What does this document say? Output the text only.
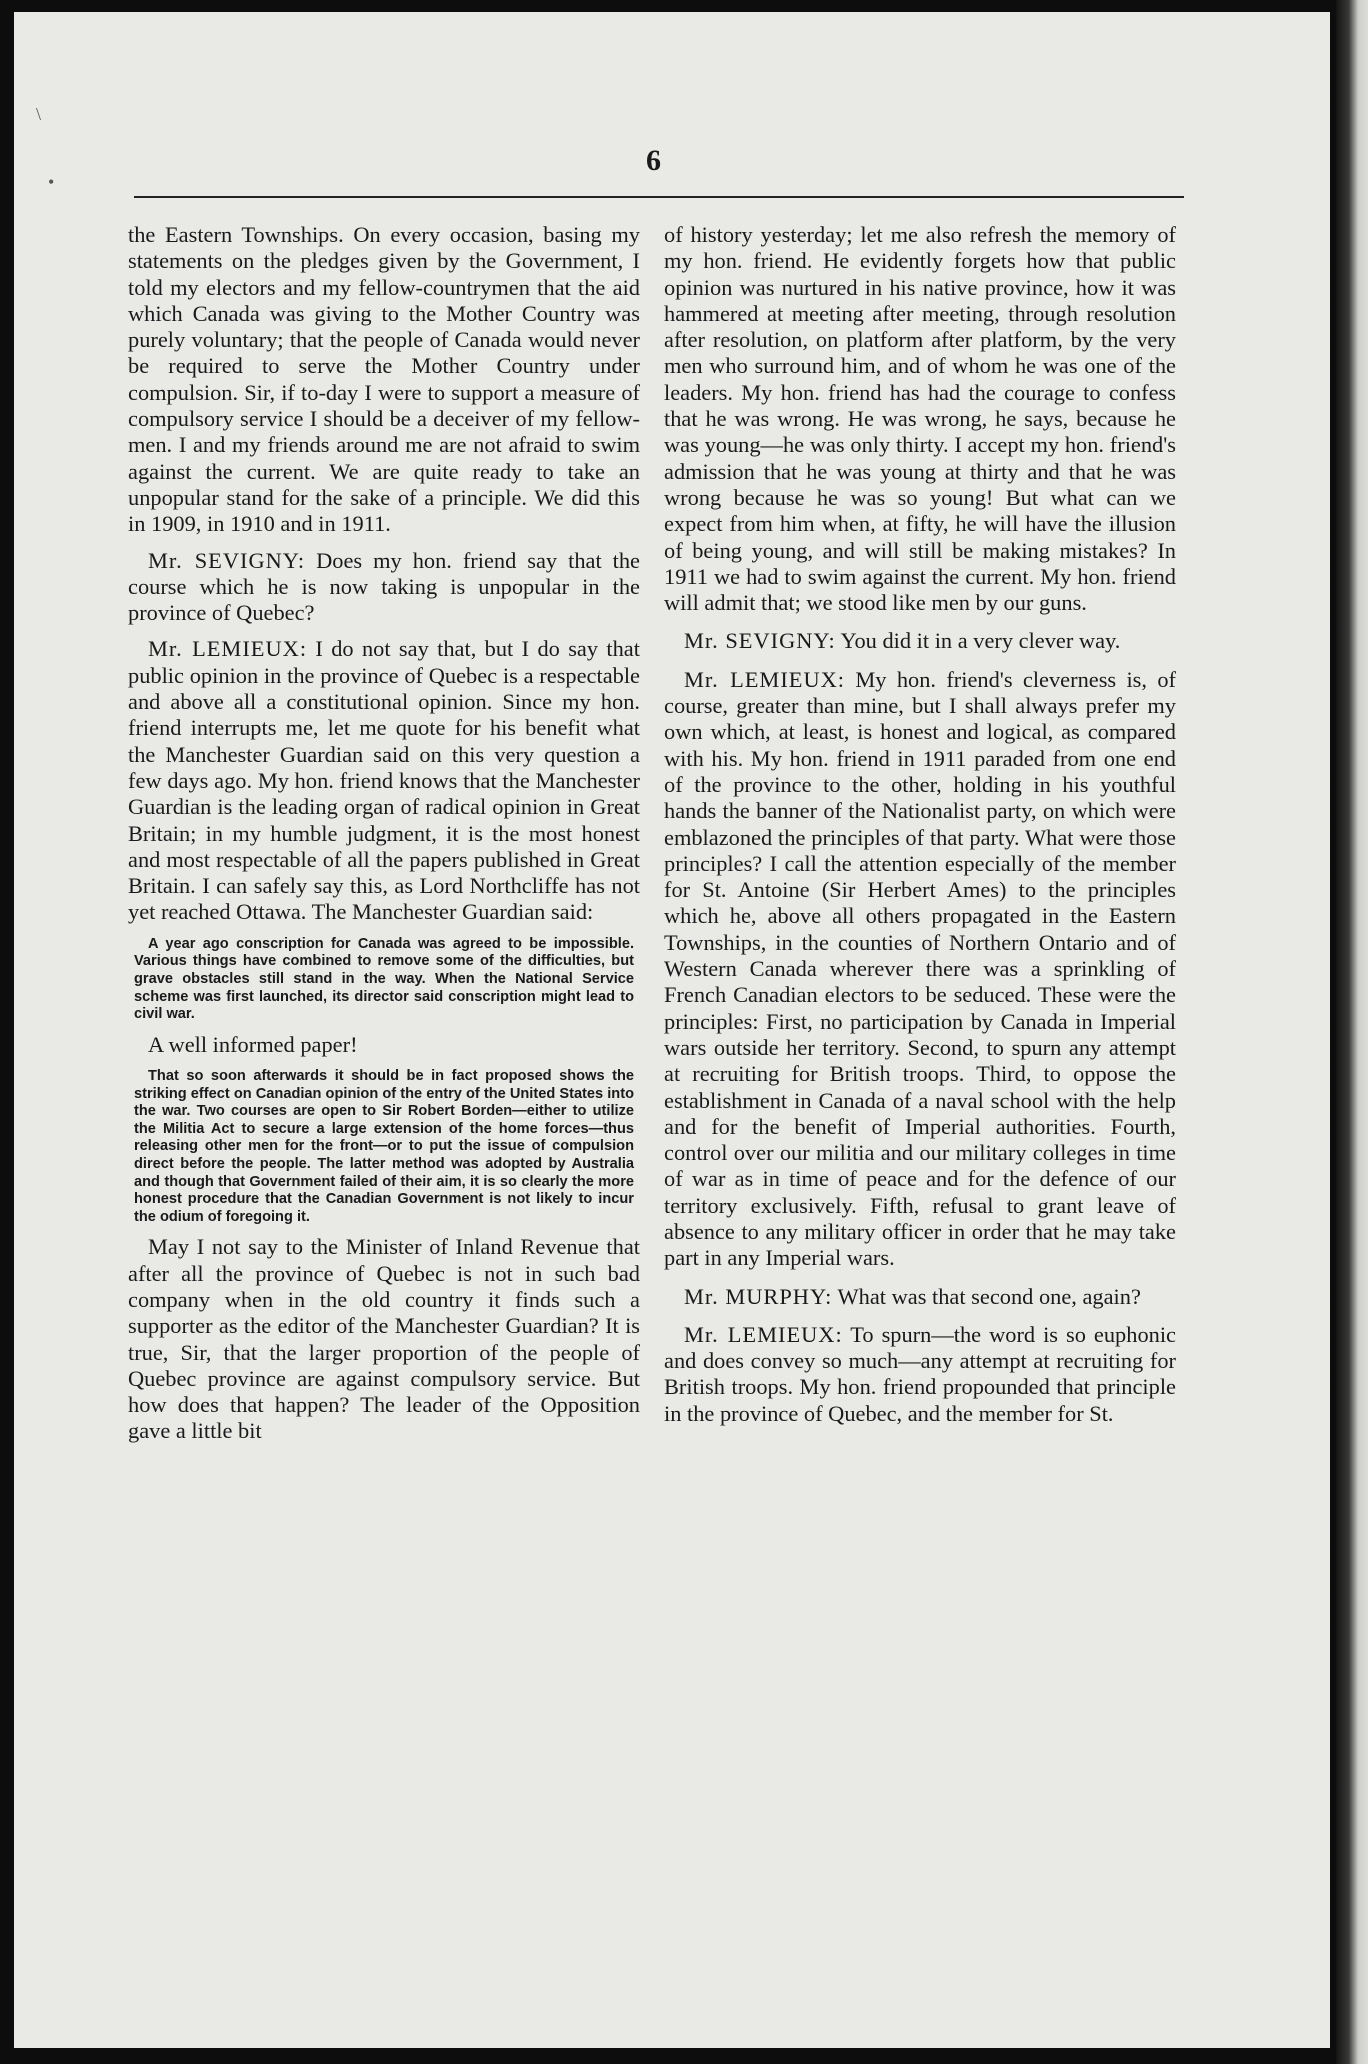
\
•
6

the Eastern Townships. On every occasion, basing my statements on the pledges given by the Government, I told my electors and my fellow-countrymen that the aid which Canada was giving to the Mother Country was purely voluntary; that the people of Canada would never be required to serve the Mother Country under compulsion. Sir, if to-day I were to support a measure of compulsory service I should be a deceiver of my fellow-men. I and my friends around me are not afraid to swim against the current. We are quite ready to take an unpopular stand for the sake of a principle. We did this in 1909, in 1910 and in 1911.

Mr. SEVIGNY: Does my hon. friend say that the course which he is now taking is unpopular in the province of Quebec?

Mr. LEMIEUX: I do not say that, but I do say that public opinion in the province of Quebec is a respectable and above all a constitutional opinion. Since my hon. friend interrupts me, let me quote for his benefit what the Manchester Guardian said on this very question a few days ago. My hon. friend knows that the Manchester Guardian is the leading organ of radical opinion in Great Britain; in my humble judgment, it is the most honest and most respectable of all the papers published in Great Britain. I can safely say this, as Lord Northcliffe has not yet reached Ottawa. The Manchester Guardian said:

A year ago conscription for Canada was agreed to be impossible. Various things have combined to remove some of the difficulties, but grave obstacles still stand in the way. When the National Service scheme was first launched, its director said conscription might lead to civil war.

A well informed paper!

That so soon afterwards it should be in fact proposed shows the striking effect on Canadian opinion of the entry of the United States into the war. Two courses are open to Sir Robert Borden—either to utilize the Militia Act to secure a large extension of the home forces—thus releasing other men for the front—or to put the issue of compulsion direct before the people. The latter method was adopted by Australia and though that Government failed of their aim, it is so clearly the more honest procedure that the Canadian Government is not likely to incur the odium of foregoing it.

May I not say to the Minister of Inland Revenue that after all the province of Quebec is not in such bad company when in the old country it finds such a supporter as the editor of the Manchester Guardian? It is true, Sir, that the larger proportion of the people of Quebec province are against compulsory service. But how does that happen? The leader of the Opposition gave a little bit

of history yesterday; let me also refresh the memory of my hon. friend. He evidently forgets how that public opinion was nurtured in his native province, how it was hammered at meeting after meeting, through resolution after resolution, on platform after platform, by the very men who surround him, and of whom he was one of the leaders. My hon. friend has had the courage to confess that he was wrong. He was wrong, he says, because he was young—he was only thirty. I accept my hon. friend's admission that he was young at thirty and that he was wrong because he was so young! But what can we expect from him when, at fifty, he will have the illusion of being young, and will still be making mistakes? In 1911 we had to swim against the current. My hon. friend will admit that; we stood like men by our guns.

Mr. SEVIGNY: You did it in a very clever way.

Mr. LEMIEUX: My hon. friend's cleverness is, of course, greater than mine, but I shall always prefer my own which, at least, is honest and logical, as compared with his. My hon. friend in 1911 paraded from one end of the province to the other, holding in his youthful hands the banner of the Nationalist party, on which were emblazoned the principles of that party. What were those principles? I call the attention especially of the member for St. Antoine (Sir Herbert Ames) to the principles which he, above all others propagated in the Eastern Townships, in the counties of Northern Ontario and of Western Canada wherever there was a sprinkling of French Canadian electors to be seduced. These were the principles: First, no participation by Canada in Imperial wars outside her territory. Second, to spurn any attempt at recruiting for British troops. Third, to oppose the establishment in Canada of a naval school with the help and for the benefit of Imperial authorities. Fourth, control over our militia and our military colleges in time of war as in time of peace and for the defence of our territory exclusively. Fifth, refusal to grant leave of absence to any military officer in order that he may take part in any Imperial wars.

Mr. MURPHY: What was that second one, again?

Mr. LEMIEUX: To spurn—the word is so euphonic and does convey so much—any attempt at recruiting for British troops. My hon. friend propounded that principle in the province of Quebec, and the member for St.
